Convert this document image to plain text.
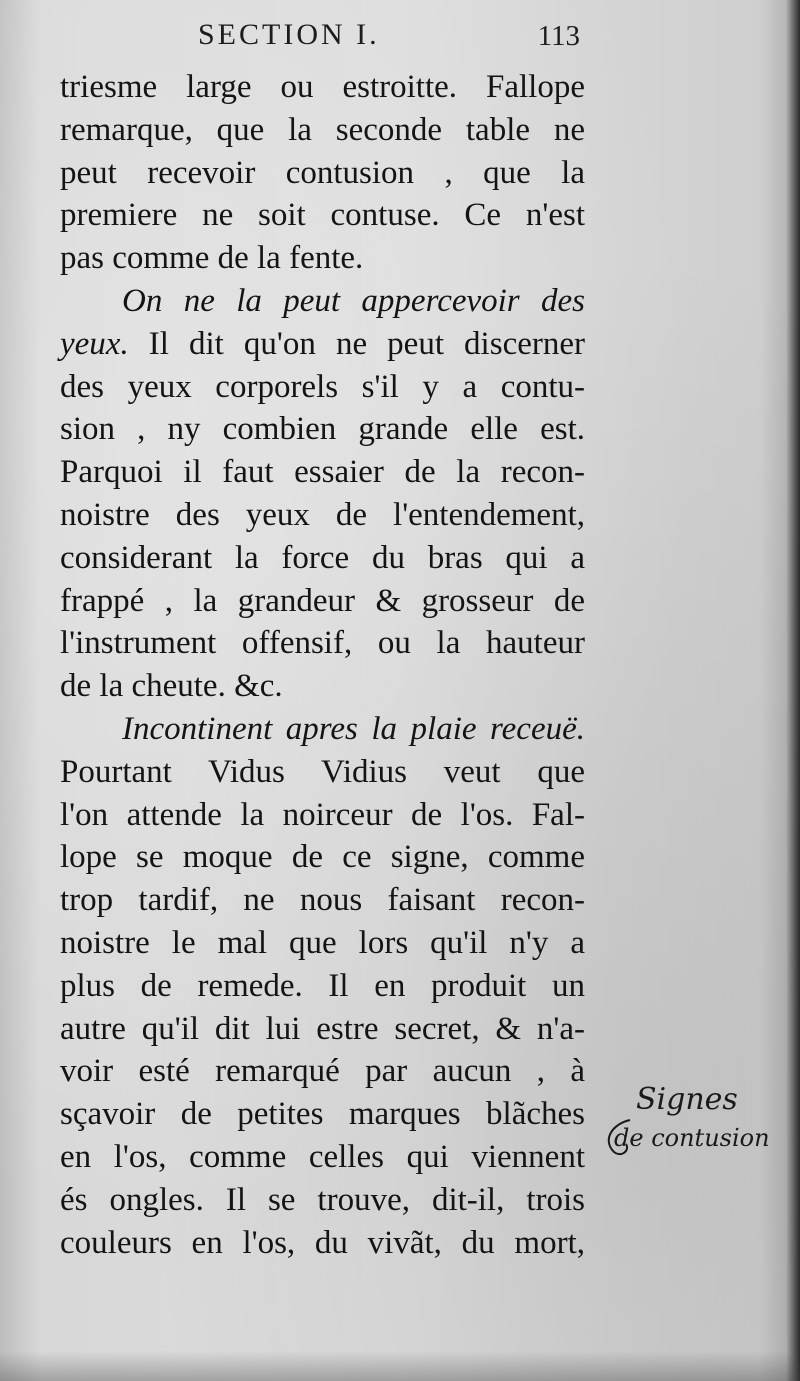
SECTION I.	113
triesme large ou estroitte. Fallope
remarque, que la seconde table ne
peut recevoir contusion , que la
premiere ne soit contuse. Ce n'est
pas comme de la fente.
On ne la peut appercevoir des
yeux. Il dit qu'on ne peut discerner
des yeux corporels s'il y a contu-
sion , ny combien grande elle est.
Parquoi il faut essaier de la recon-
noistre des yeux de l'entendement,
considerant la force du bras qui a
frappé , la grandeur & grosseur de
l'instrument offensif, ou la hauteur
de la cheute. &c.
Incontinent apres la plaie receuë.
Pourtant Vidus Vidius veut que
l'on attende la noirceur de l'os. Fal-
lope se moque de ce signe, comme
trop tardif, ne nous faisant recon-
noistre le mal que lors qu'il n'y a
plus de remede. Il en produit un
autre qu'il dit lui estre secret, & n'a-
voir esté remarqué par aucun , à
sçavoir de petites marques blãches
en l'os, comme celles qui viennent
és ongles. Il se trouve, dit-il, trois
couleurs en l'os, du vivãt, du mort,
Signes
de contusion
